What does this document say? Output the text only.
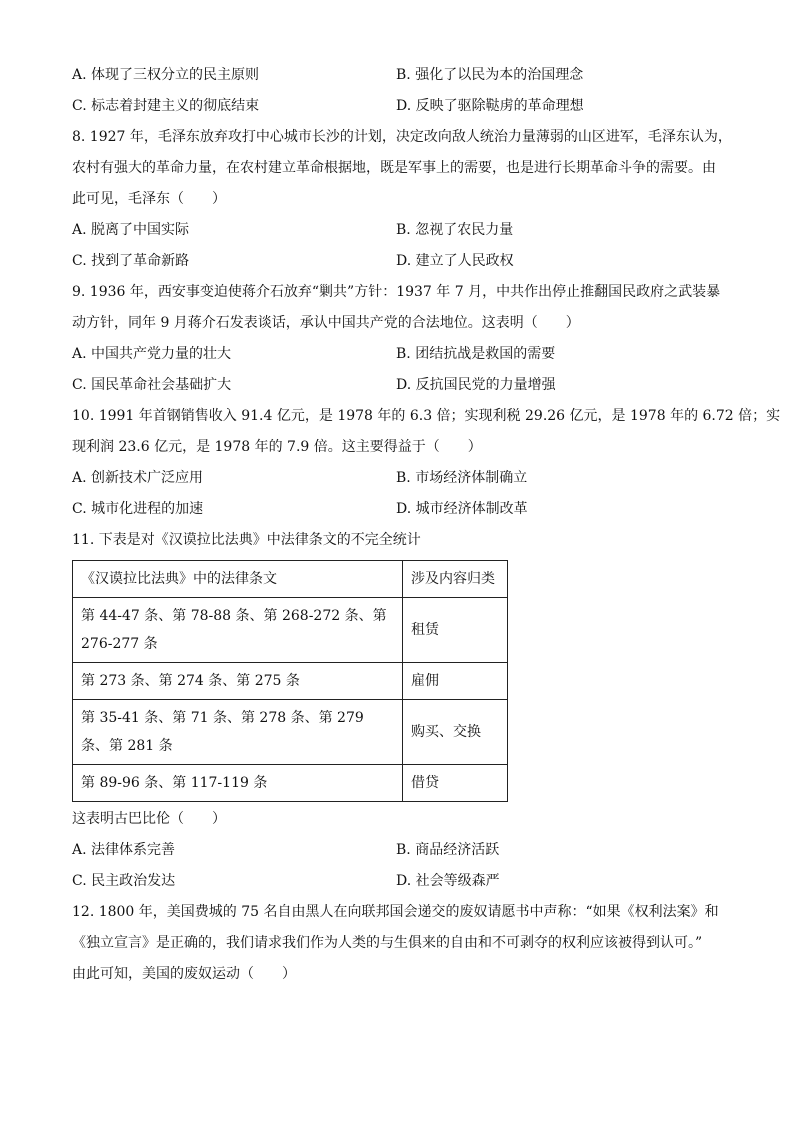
A. 体现了三权分立的民主原则	B. 强化了以民为本的治国理念
C. 标志着封建主义的彻底结束	D. 反映了驱除鞑虏的革命理想
8. 1927 年，毛泽东放弃攻打中心城市长沙的计划，决定改向敌人统治力量薄弱的山区进军，毛泽东认为，
农村有强大的革命力量，在农村建立革命根据地，既是军事上的需要，也是进行长期革命斗争的需要。由
此可见，毛泽东（　　）
A. 脱离了中国实际	B. 忽视了农民力量
C. 找到了革命新路	D. 建立了人民政权
9. 1936 年，西安事变迫使蒋介石放弃“剿共”方针：1937 年 7 月，中共作出停止推翻国民政府之武装暴
动方针，同年 9 月蒋介石发表谈话，承认中国共产党的合法地位。这表明（　　）
A. 中国共产党力量的壮大	B. 团结抗战是救国的需要
C. 国民革命社会基础扩大	D. 反抗国民党的力量增强
10. 1991 年首钢销售收入 91.4 亿元，是 1978 年的 6.3 倍；实现利税 29.26 亿元，是 1978 年的 6.72 倍；实
现利润 23.6 亿元，是 1978 年的 7.9 倍。这主要得益于（　　）
A. 创新技术广泛应用	B. 市场经济体制确立
C. 城市化进程的加速	D. 城市经济体制改革
11. 下表是对《汉谟拉比法典》中法律条文的不完全统计
《汉谟拉比法典》中的法律条文	涉及内容归类
第 44-47 条、第 78-88 条、第 268-272 条、第 276-277 条	租赁
第 273 条、第 274 条、第 275 条	雇佣
第 35-41 条、第 71 条、第 278 条、第 279 条、第 281 条	购买、交换
第 89-96 条、第 117-119 条	借贷
这表明古巴比伦（　　）
A. 法律体系完善	B. 商品经济活跃
C. 民主政治发达	D. 社会等级森严
12. 1800 年，美国费城的 75 名自由黑人在向联邦国会递交的废奴请愿书中声称：“如果《权利法案》和
《独立宣言》是正确的，我们请求我们作为人类的与生俱来的自由和不可剥夺的权利应该被得到认可。”
由此可知，美国的废奴运动（　　）
